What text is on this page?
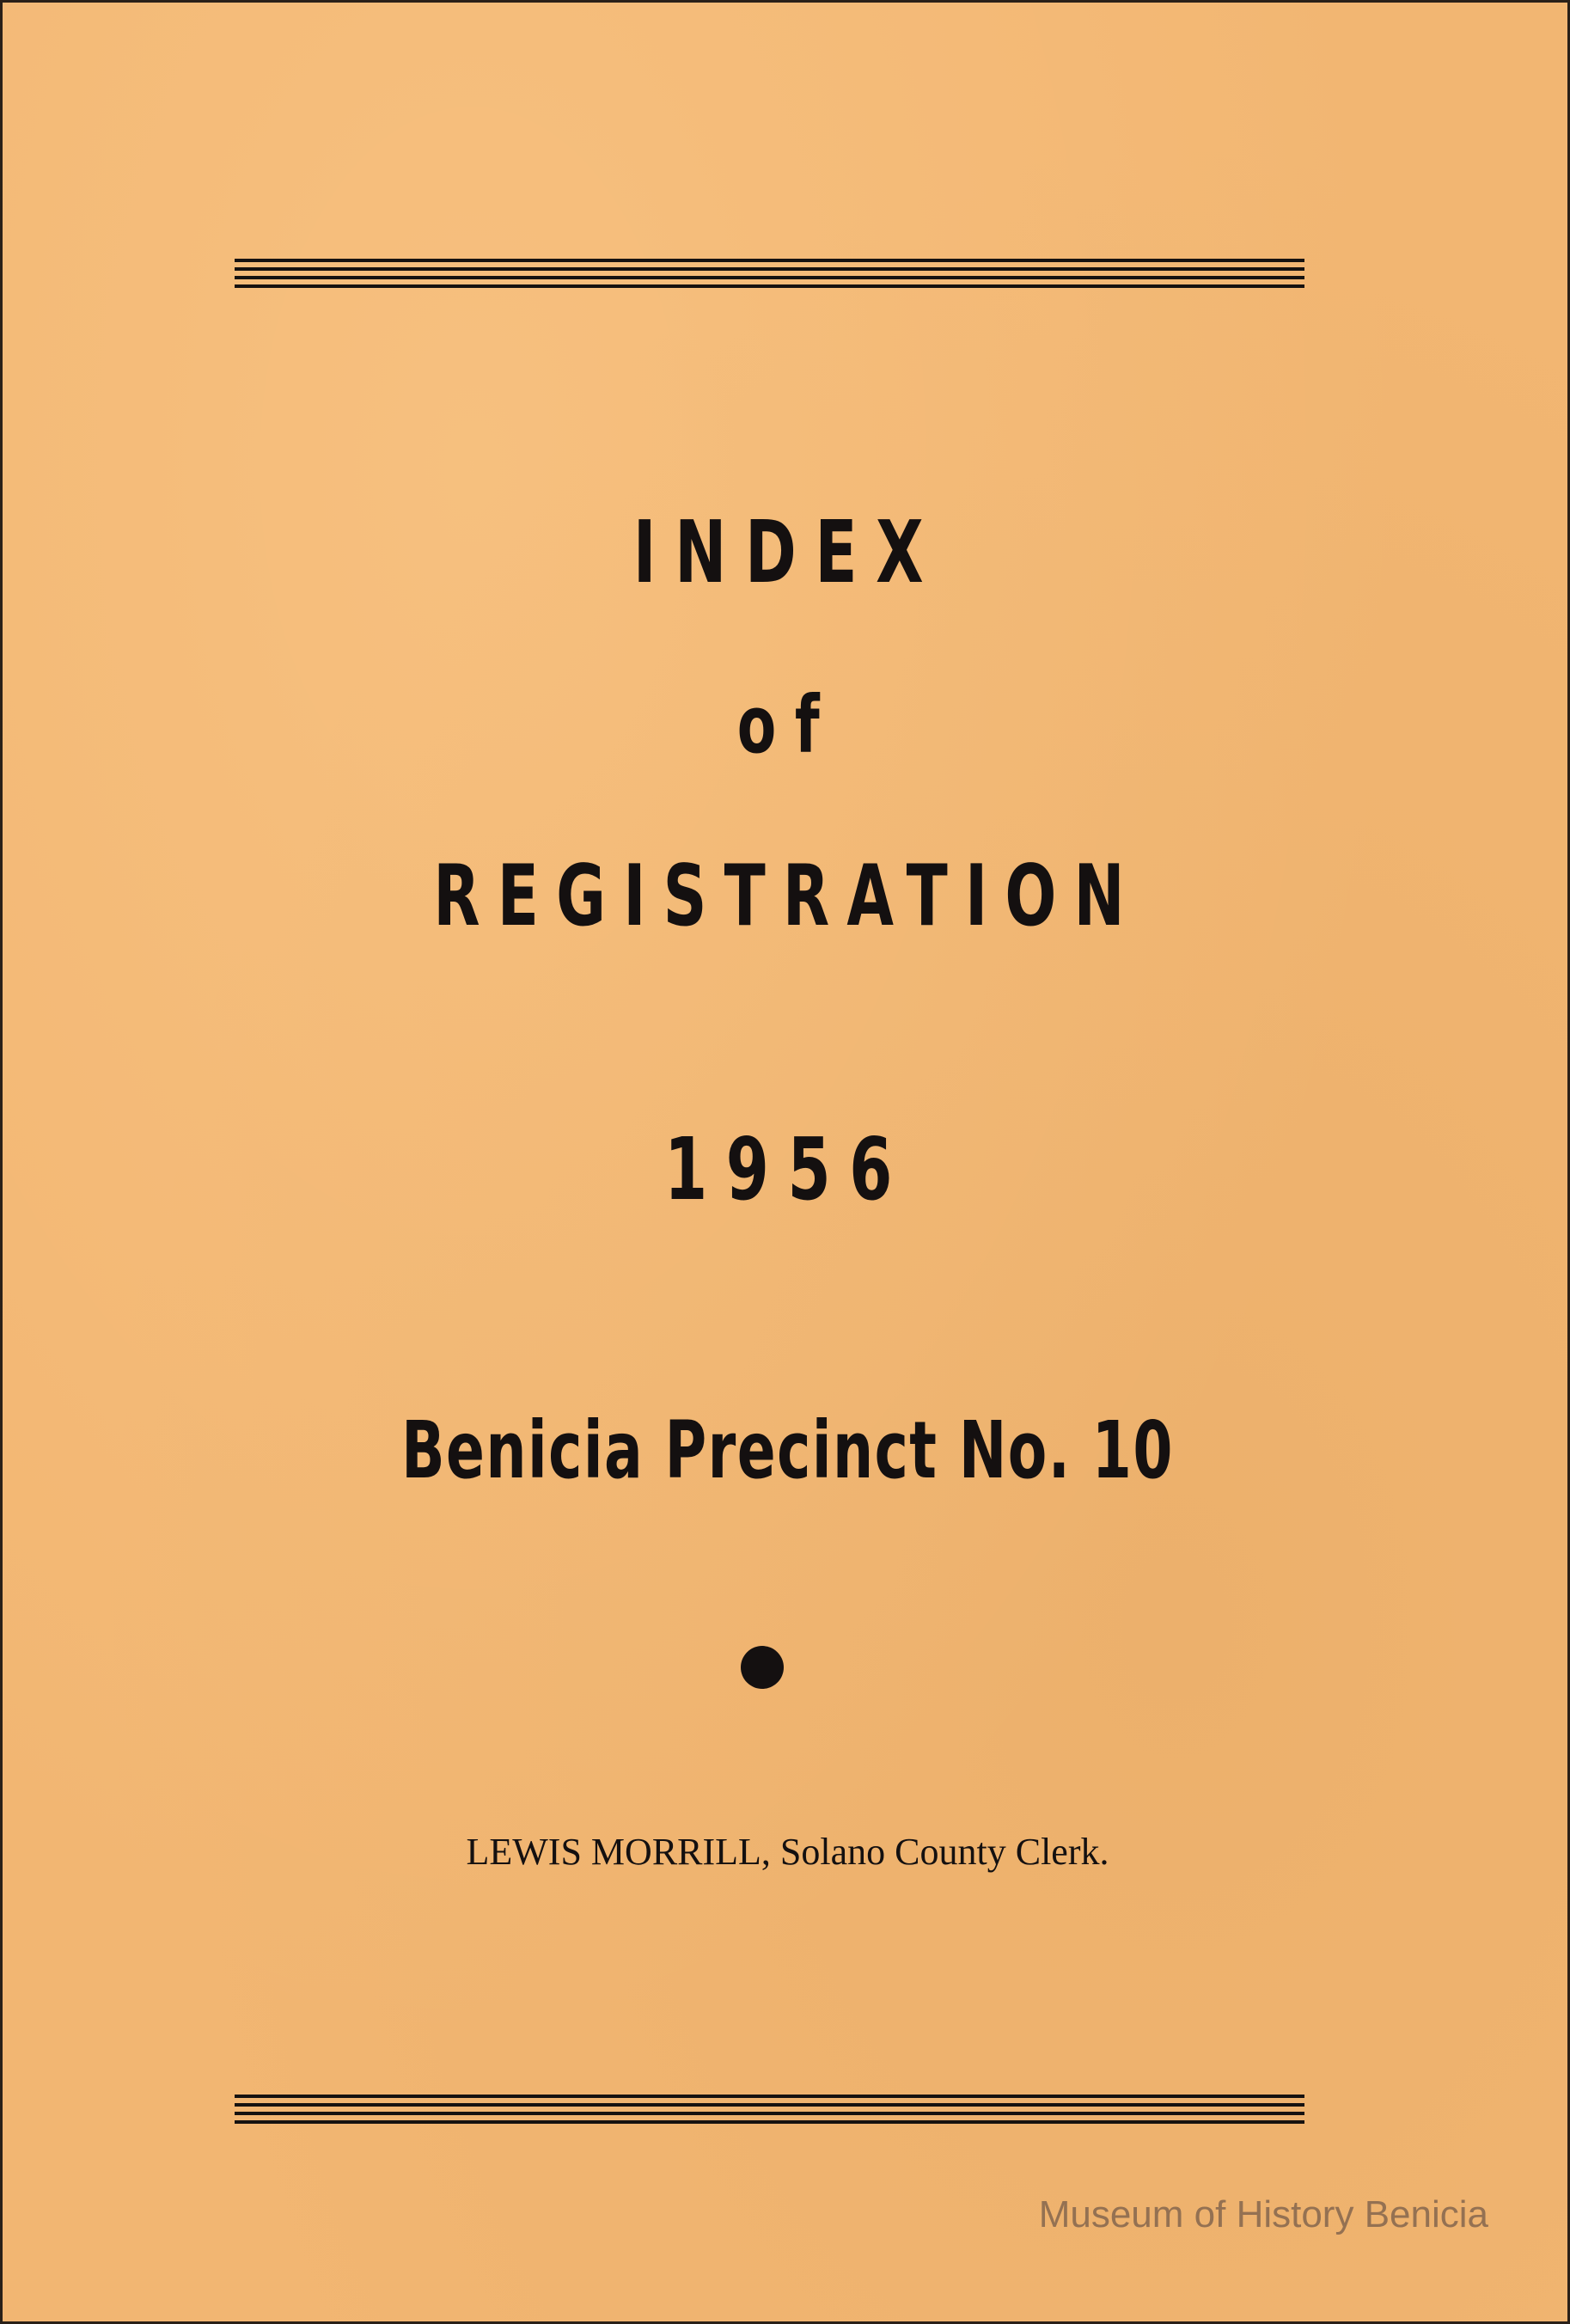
INDEX
of
REGISTRATION
1956
Benicia Precinct No. 10
LEWIS MORRILL, Solano County Clerk.
Museum of History Benicia
